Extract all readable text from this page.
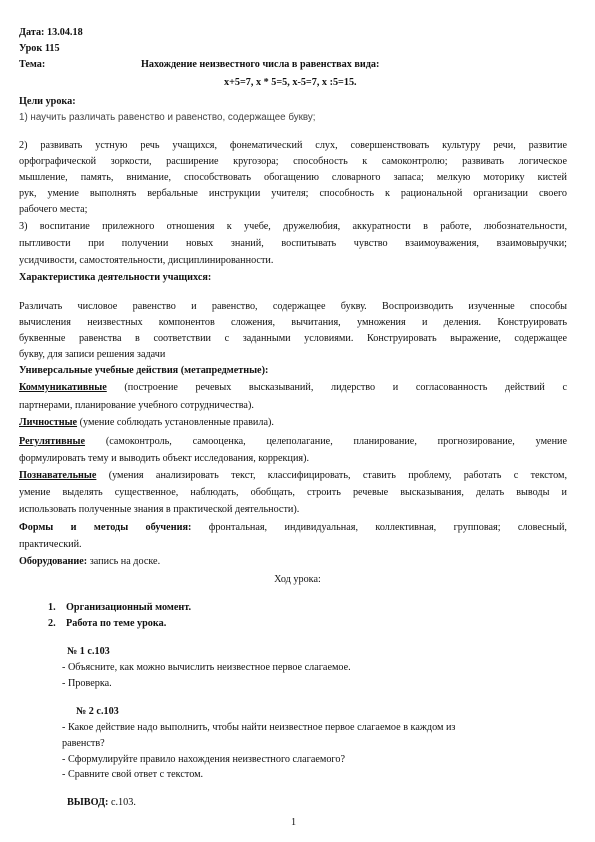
Дата: 13.04.18
Урок 115
Тема:	Нахождение неизвестного числа в равенствах вида:
x+5=7, x * 5=5, x-5=7, x :5=15.
Цели урока:
1) научить различать равенство и равенство, содержащее букву;
2) развивать устную речь учащихся, фонематический слух, совершенствовать культуру речи, развитие
орфографической зоркости, расширение кругозора; способность к самоконтролю; развивать логическое
мышление, память, внимание, способствовать обогащению словарного запаса; мелкую моторику кистей
рук, умение выполнять вербальные инструкции учителя; способность к рациональной организации своего
рабочего места;
3) воспитание прилежного отношения к учебе, дружелюбия, аккуратности в работе, любознательности,
пытливости при получении новых знаний, воспитывать чувство взаимоуважения, взаимовыручки;
усидчивости, самостоятельности, дисциплинированности.
Характеристика деятельности учащихся:
Различать числовое равенство и равенство, содержащее букву. Воспроизводить изученные способы
вычисления неизвестных компонентов сложения, вычитания, умножения и деления. Конструировать
буквенные равенства в соответствии с заданными условиями. Конструировать выражение, содержащее
букву, для записи решения задачи
Универсальные учебные действия (метапредметные):
Коммуникативные (построение речевых высказываний, лидерство и согласованность действий с
партнерами, планирование учебного сотрудничества).
Личностные (умение соблюдать установленные правила).
Регулятивные (самоконтроль, самооценка, целеполагание, планирование, прогнозирование, умение
формулировать тему и выводить объект исследования, коррекция).
Познавательные (умения анализировать текст, классифицировать, ставить проблему, работать с текстом,
умение выделять существенное, наблюдать, обобщать, строить речевые высказывания, делать выводы и
использовать полученные знания в практической деятельности).
Формы и методы обучения: фронтальная, индивидуальная, коллективная, групповая; словесный,
практический.
Оборудование: запись на доске.
Ход урока:
1. Организационный момент.
2. Работа по теме урока.
№ 1 с.103
- Объясните, как можно вычислить неизвестное первое слагаемое.
- Проверка.
№ 2 с.103
- Какое действие надо выполнить, чтобы найти неизвестное первое слагаемое в каждом из
равенств?
- Сформулируйте правило нахождения неизвестного слагаемого?
- Сравните свой ответ с текстом.
ВЫВОД: с.103.
1
